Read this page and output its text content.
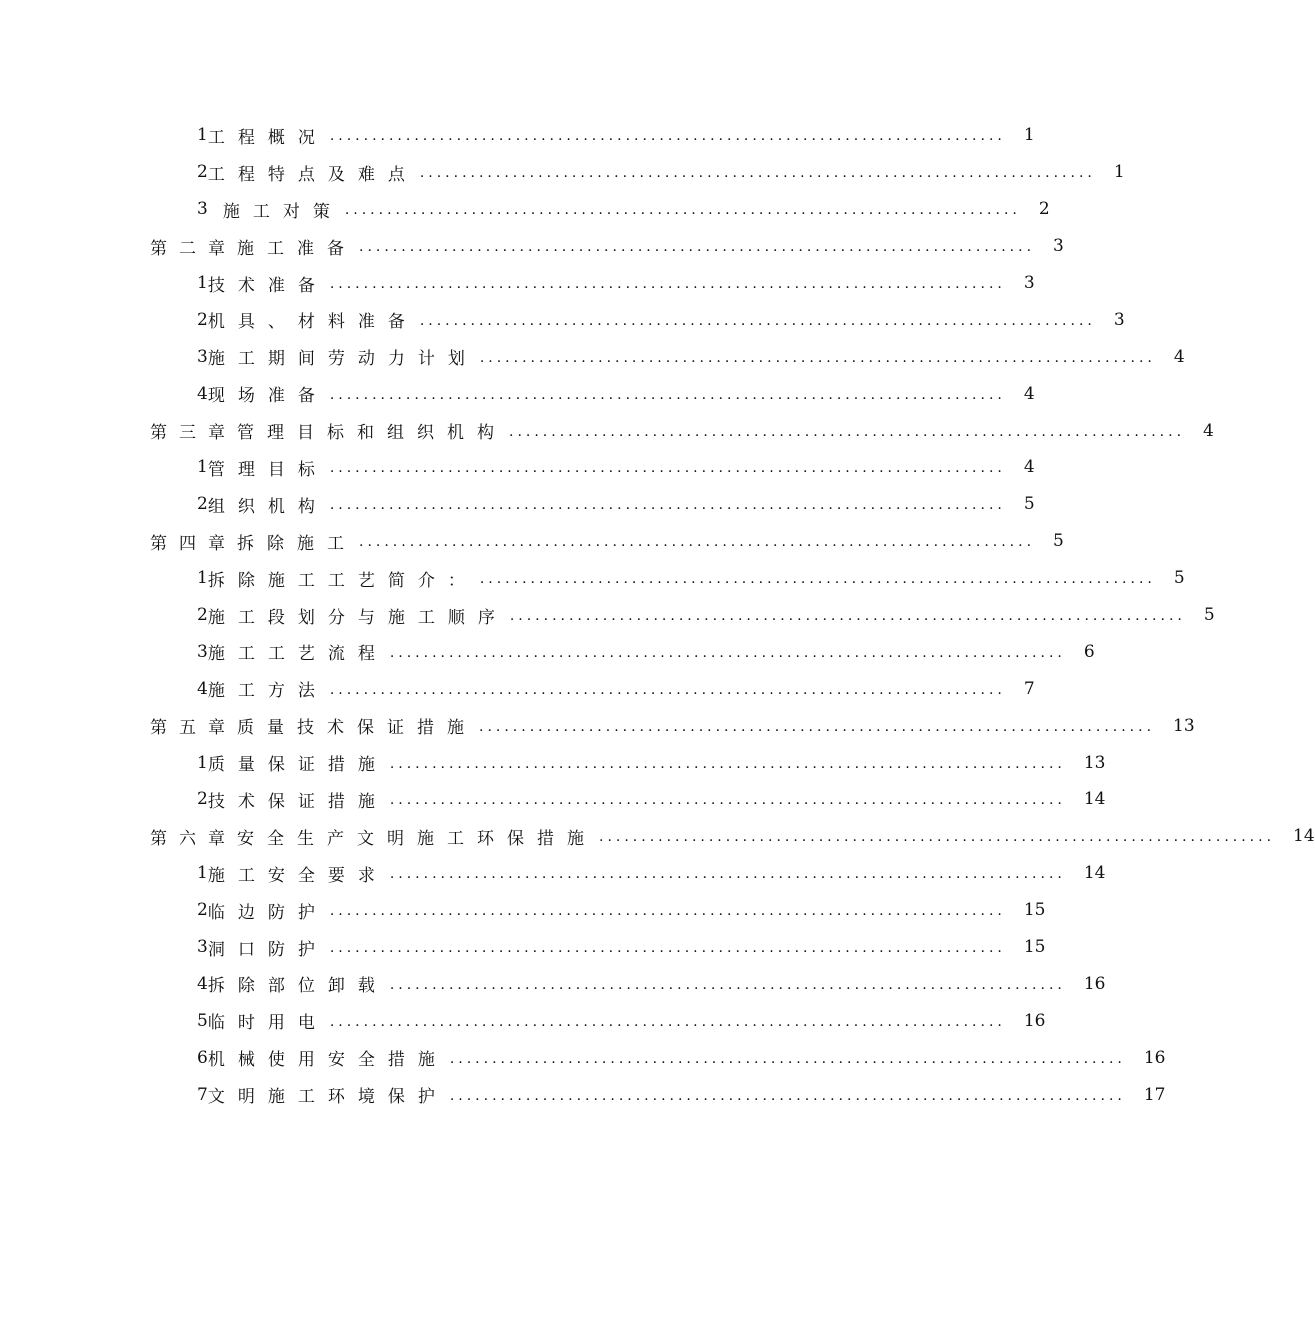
1 工程概况 ................................................................................ 1
2 工程特点及难点 ................................................................................ 1
3 施工对策 ................................................................................ 2
第二章 施工准备 ................................................................................ 3
1 技术准备 ................................................................................ 3
2 机具、材料准备 ................................................................................ 3
3 施工期间劳动力计划 ................................................................................ 4
4 现场准备 ................................................................................ 4
第三章 管理目标和组织机构 ................................................................................ 4
1 管理目标 ................................................................................ 4
2 组织机构 ................................................................................ 5
第四章 拆除施工 ................................................................................ 5
1 拆除施工工艺简介： ................................................................................ 5
2 施工段划分与施工顺序 ................................................................................ 5
3 施工工艺流程 ................................................................................ 6
4 施工方法 ................................................................................ 7
第五章 质量技术保证措施 ................................................................................ 13
1 质量保证措施 ................................................................................ 13
2 技术保证措施 ................................................................................ 14
第六章 安全生产文明施工环保措施 ................................................................................ 14
1 施工安全要求 ................................................................................ 14
2 临边防护 ................................................................................ 15
3 洞口防护 ................................................................................ 15
4 拆除部位卸载 ................................................................................ 16
5 临时用电 ................................................................................ 16
6 机械使用安全措施 ................................................................................ 16
7 文明施工环境保护 ................................................................................ 17
